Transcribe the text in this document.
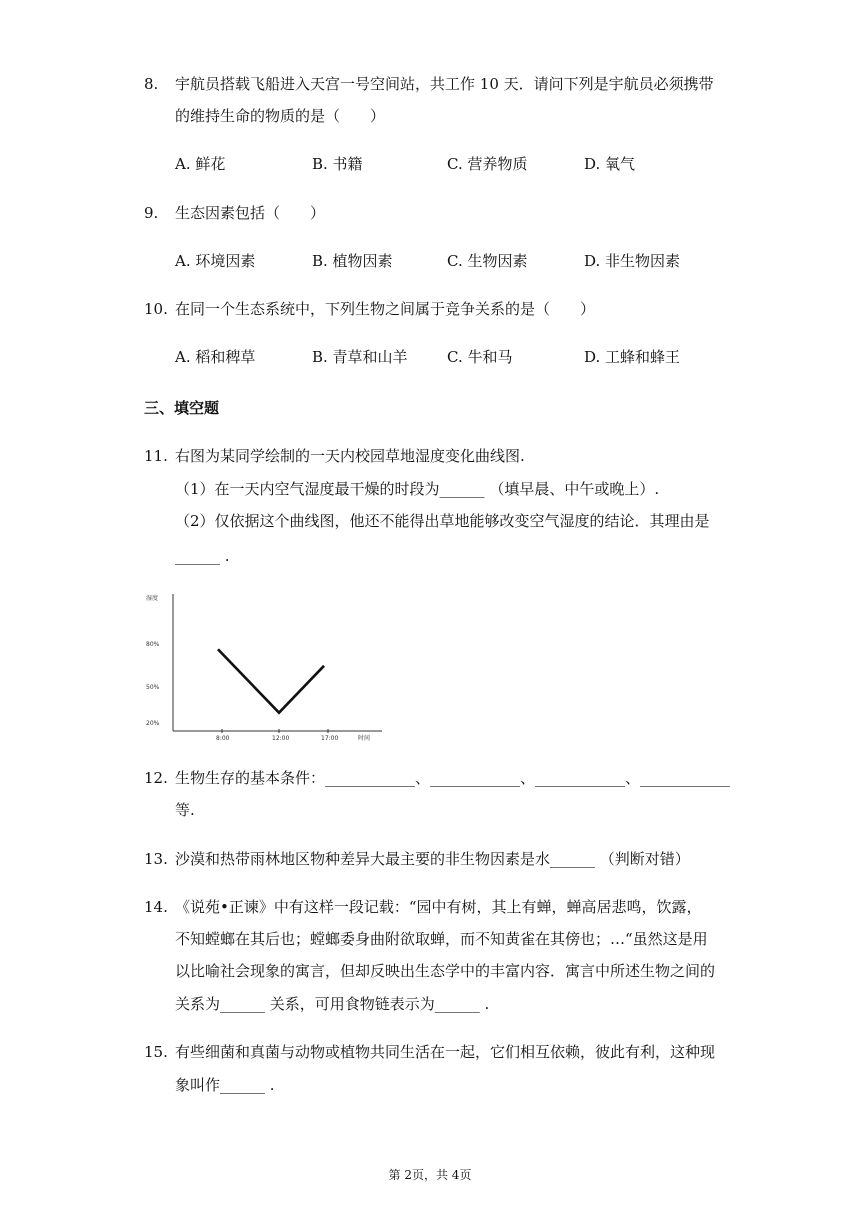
8. 宇航员搭载飞船进入天宫一号空间站，共工作 10 天．请问下列是宇航员必须携带
的维持生命的物质的是（　　）
A. 鲜花	B. 书籍	C. 营养物质	D. 氧气
9. 生态因素包括（　　）
A. 环境因素	B. 植物因素	C. 生物因素	D. 非生物因素
10. 在同一个生态系统中，下列生物之间属于竞争关系的是（　　）
A. 稻和稗草	B. 青草和山羊	C. 牛和马	D. 工蜂和蜂王
三、填空题
11. 右图为某同学绘制的一天内校园草地湿度变化曲线图.
（1）在一天内空气湿度最干燥的时段为______ （填早晨、中午或晚上）.
（2）仅依据这个曲线图，他还不能得出草地能够改变空气湿度的结论．其理由是
______ .
湿度
时间
80%
50%
20%
8:00	12:00	17:00
12. 生物生存的基本条件：____________、____________、____________、____________
等.
13. 沙漠和热带雨林地区物种差异大最主要的非生物因素是水______ （判断对错）
14. 《说苑•正谏》中有这样一段记载：“园中有树，其上有蝉，蝉高居悲鸣，饮露，
不知螳螂在其后也；螳螂委身曲附欲取蝉，而不知黄雀在其傍也；…“虽然这是用
以比喻社会现象的寓言，但却反映出生态学中的丰富内容．寓言中所述生物之间的
关系为______ 关系，可用食物链表示为______ .
15. 有些细菌和真菌与动物或植物共同生活在一起，它们相互依赖，彼此有利，这种现
象叫作______ .
第 2页，共 4页
